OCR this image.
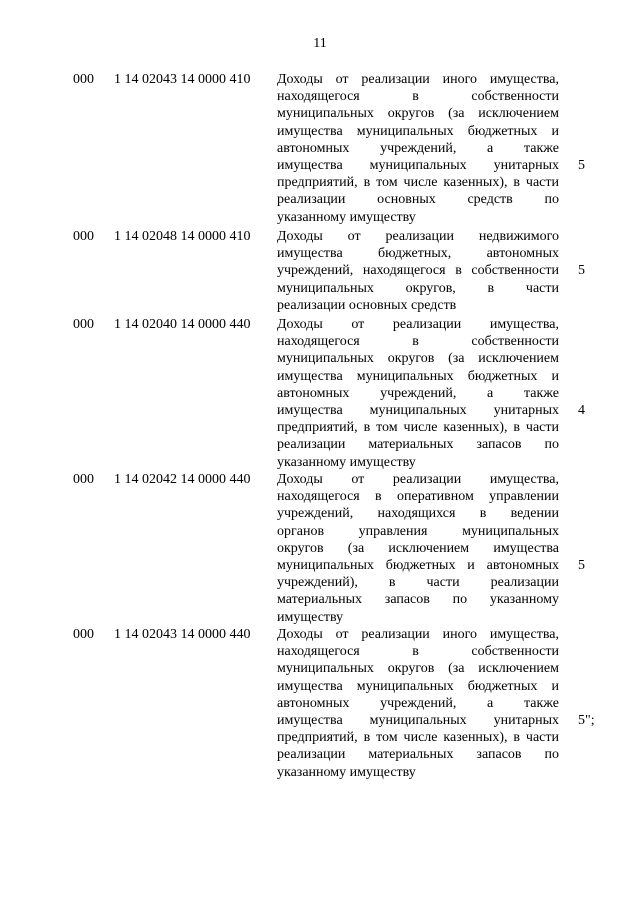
11
000 1 14 02043 14 0000 410 Доходы от реализации иного имущества,
находящегося в собственности
муниципальных округов (за исключением
имущества муниципальных бюджетных и
автономных учреждений, а также
имущества муниципальных унитарных
предприятий, в том числе казенных), в части
реализации основных средств по
указанному имуществу
5
000 1 14 02048 14 0000 410 Доходы от реализации недвижимого
имущества бюджетных, автономных
учреждений, находящегося в собственности
муниципальных округов, в части
реализации основных средств
5
000 1 14 02040 14 0000 440 Доходы от реализации имущества,
находящегося в собственности
муниципальных округов (за исключением
имущества муниципальных бюджетных и
автономных учреждений, а также
имущества муниципальных унитарных
предприятий, в том числе казенных), в части
реализации материальных запасов по
указанному имуществу
4
000 1 14 02042 14 0000 440 Доходы от реализации имущества,
находящегося в оперативном управлении
учреждений, находящихся в ведении
органов управления муниципальных
округов (за исключением имущества
муниципальных бюджетных и автономных
учреждений), в части реализации
материальных запасов по указанному
имуществу
5
000 1 14 02043 14 0000 440 Доходы от реализации иного имущества,
находящегося в собственности
муниципальных округов (за исключением
имущества муниципальных бюджетных и
автономных учреждений, а также
имущества муниципальных унитарных
предприятий, в том числе казенных), в части
реализации материальных запасов по
указанному имуществу
5";
